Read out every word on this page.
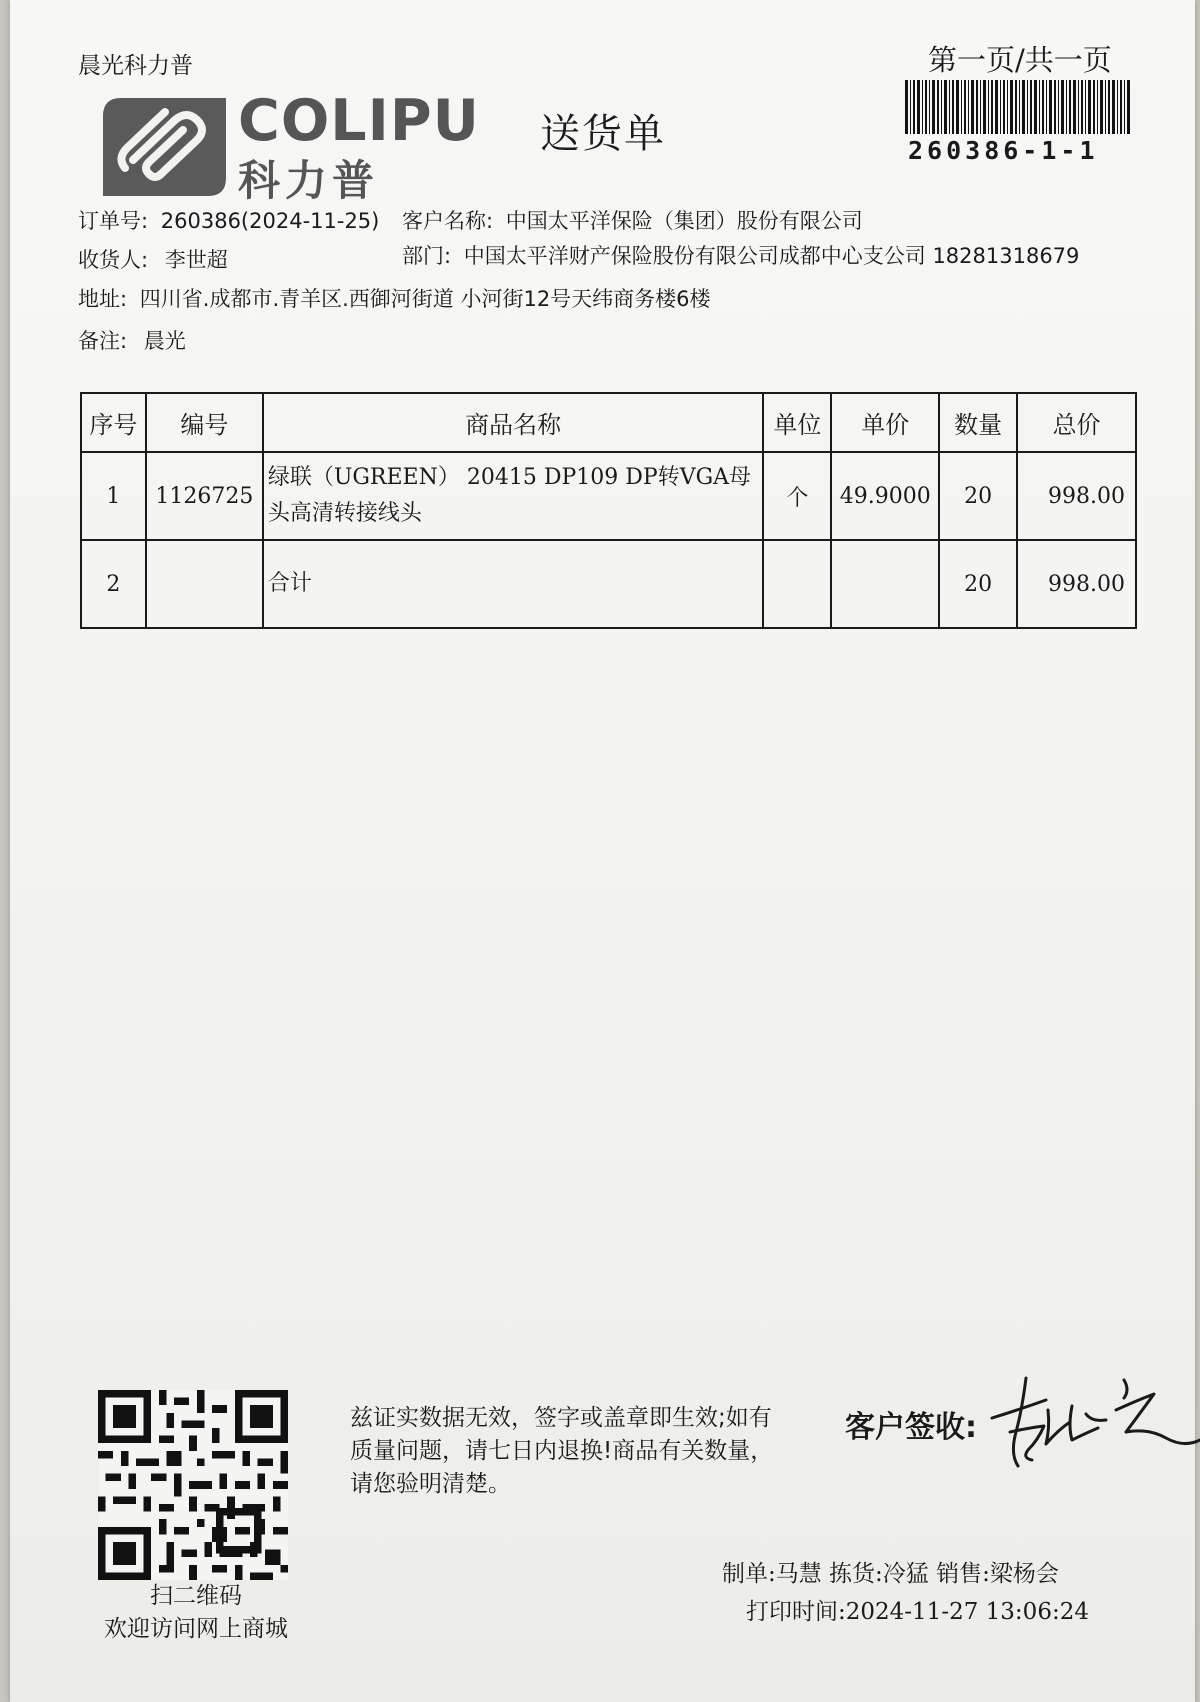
晨光科力普	第一页/共一页
260386-1-1
COLIPU
科力普
送货单
订单号: 260386(2024-11-25) 客户名称: 中国太平洋保险（集团）股份有限公司
收货人: 李世超	部门: 中国太平洋财产保险股份有限公司成都中心支公司 18281318679
地址: 四川省.成都市.青羊区.西御河街道 小河街12号天纬商务楼6楼
备注: 晨光
序号	编号	商品名称	单位	单价	数量	总价
1	1126725	绿联（UGREEN） 20415 DP109 DP转VGA母头高清转接线头	个	49.9000	20	998.00
2		合计			20	998.00
扫二维码
欢迎访问网上商城
兹证实数据无效，签字或盖章即生效;如有质量问题，请七日内退换!商品有关数量，请您验明清楚。
客户签收:
制单:马慧 拣货:冷猛 销售:梁杨会
打印时间:2024-11-27 13:06:24
